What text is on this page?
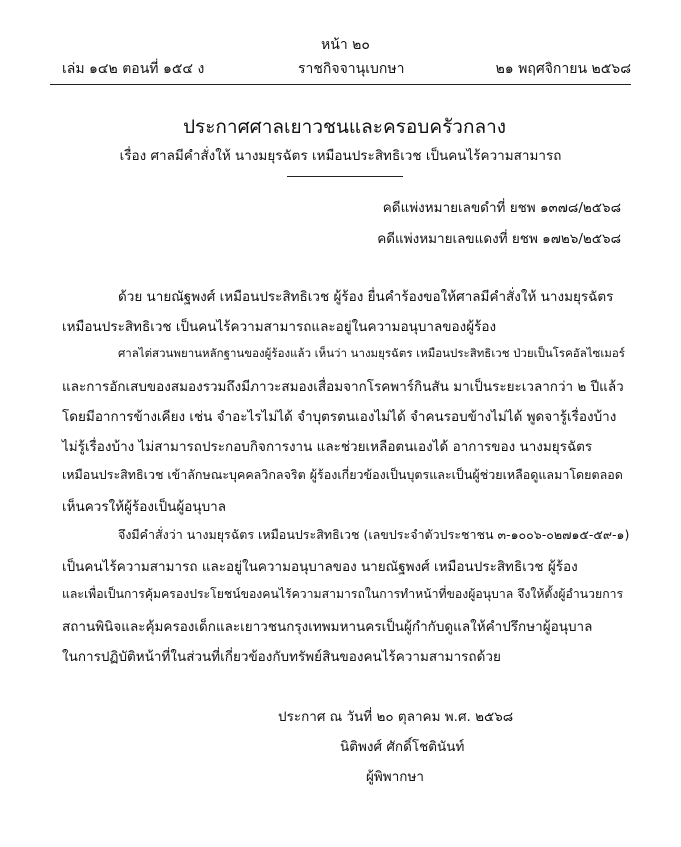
หน้า ๒๐
เล่ม ๑๔๒ ตอนที่ ๑๕๔ ง	ราชกิจจานุเบกษา	๒๑ พฤศจิกายน ๒๕๖๘
ประกาศศาลเยาวชนและครอบครัวกลาง
เรื่อง ศาลมีคำสั่งให้ นางมยุรฉัตร เหมือนประสิทธิเวช เป็นคนไร้ความสามารถ
คดีแพ่งหมายเลขดำที่ ยชพ ๑๓๗๘/๒๕๖๘
คดีแพ่งหมายเลขแดงที่ ยชพ ๑๗๒๖/๒๕๖๘
ด้วย นายณัฐพงศ์ เหมือนประสิทธิเวช ผู้ร้อง ยื่นคำร้องขอให้ศาลมีคำสั่งให้ นางมยุรฉัตร
เหมือนประสิทธิเวช เป็นคนไร้ความสามารถและอยู่ในความอนุบาลของผู้ร้อง
ศาลไต่สวนพยานหลักฐานของผู้ร้องแล้ว เห็นว่า นางมยุรฉัตร เหมือนประสิทธิเวช ป่วยเป็นโรคอัลไซเมอร์
และการอักเสบของสมองรวมถึงมีภาวะสมองเสื่อมจากโรคพาร์กินสัน มาเป็นระยะเวลากว่า ๒ ปีแล้ว
โดยมีอาการข้างเคียง เช่น จำอะไรไม่ได้ จำบุตรตนเองไม่ได้ จำคนรอบข้างไม่ได้ พูดจารู้เรื่องบ้าง
ไม่รู้เรื่องบ้าง ไม่สามารถประกอบกิจการงาน และช่วยเหลือตนเองได้ อาการของ นางมยุรฉัตร
เหมือนประสิทธิเวช เข้าลักษณะบุคคลวิกลจริต ผู้ร้องเกี่ยวข้องเป็นบุตรและเป็นผู้ช่วยเหลือดูแลมาโดยตลอด
เห็นควรให้ผู้ร้องเป็นผู้อนุบาล
จึงมีคำสั่งว่า นางมยุรฉัตร เหมือนประสิทธิเวช (เลขประจำตัวประชาชน ๓-๑๐๐๖-๐๒๗๑๕-๕๙-๑)
เป็นคนไร้ความสามารถ และอยู่ในความอนุบาลของ นายณัฐพงศ์ เหมือนประสิทธิเวช ผู้ร้อง
และเพื่อเป็นการคุ้มครองประโยชน์ของคนไร้ความสามารถในการทำหน้าที่ของผู้อนุบาล จึงให้ตั้งผู้อำนวยการ
สถานพินิจและคุ้มครองเด็กและเยาวชนกรุงเทพมหานครเป็นผู้กำกับดูแลให้คำปรึกษาผู้อนุบาล
ในการปฏิบัติหน้าที่ในส่วนที่เกี่ยวข้องกับทรัพย์สินของคนไร้ความสามารถด้วย
ประกาศ ณ วันที่ ๒๐ ตุลาคม พ.ศ. ๒๕๖๘
นิติพงศ์ ศักดิ์โชตินันท์
ผู้พิพากษา
